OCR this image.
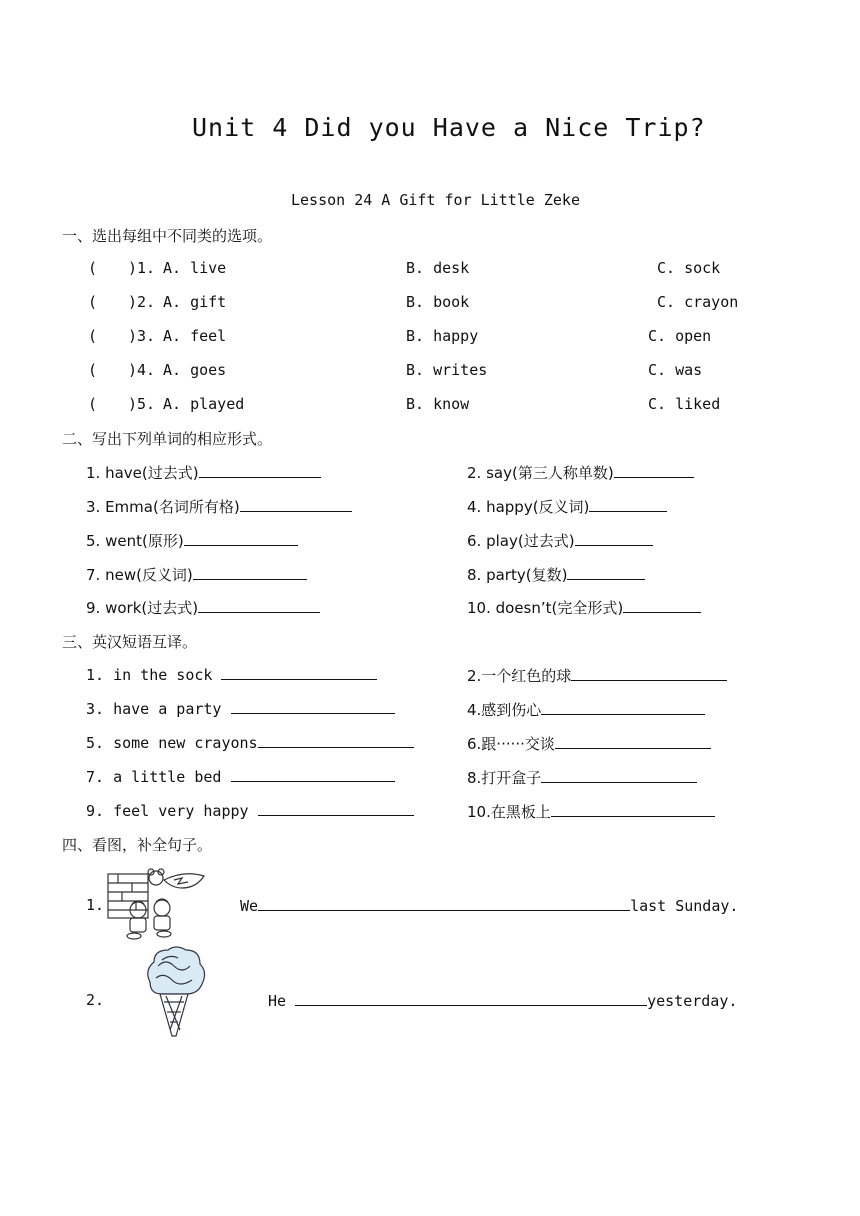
Unit 4 Did you Have a Nice Trip?
Lesson 24 A Gift for Little Zeke
一、选出每组中不同类的选项。
( )1. A. live	B. desk	C. sock
( )2. A. gift	B. book	C. crayon
( )3. A. feel	B. happy	C. open
( )4. A. goes	B. writes	C. was
( )5. A. played	B. know	C. liked
二、写出下列单词的相应形式。
1. have(过去式)	2. say(第三人称单数)
3. Emma(名词所有格)	4. happy(反义词)
5. went(原形)	6. play(过去式)
7. new(反义词)	8. party(复数)
9. work(过去式)	10. doesn’t(完全形式)
三、英汉短语互译。
1. in the sock	2.一个红色的球
3. have a party	4.感到伤心
5. some new crayons	6.跟······交谈
7. a little bed	8.打开盒子
9. feel very happy	10.在黑板上
四、看图，补全句子。
1.	We	last Sunday.
2.	He	yesterday.
